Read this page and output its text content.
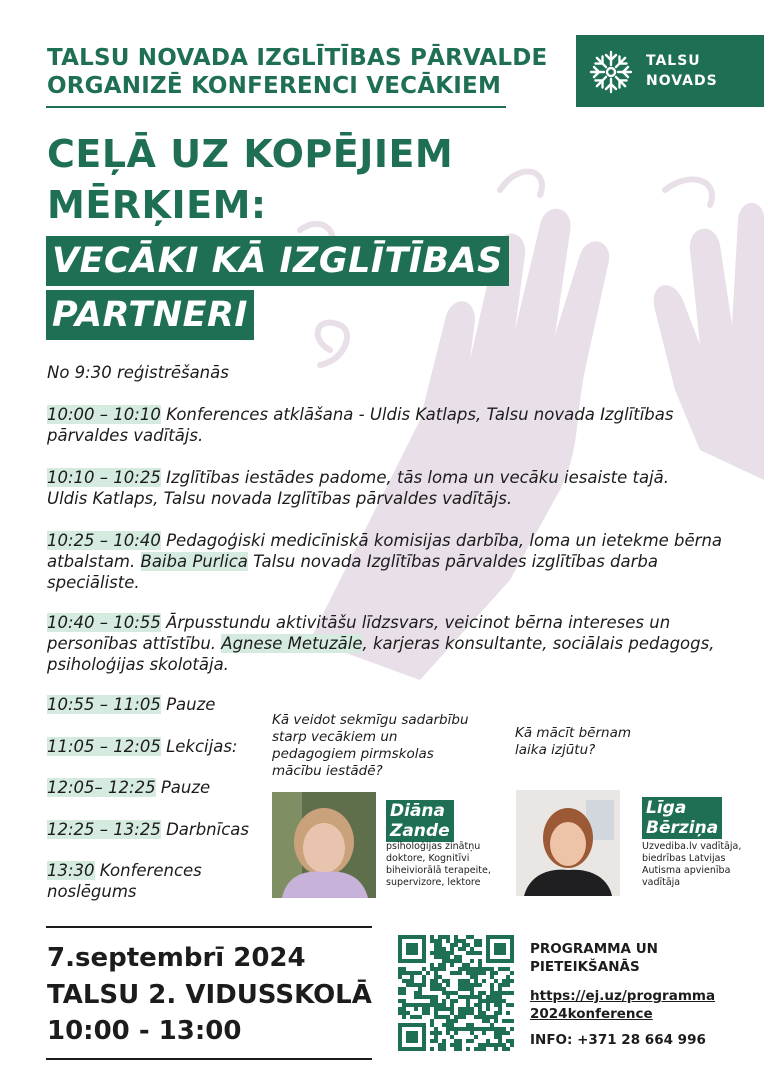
TALSU NOVADA IZGLĪTĪBAS PĀRVALDE
ORGANIZĒ KONFERENCI VECĀKIEM
TALSU
NOVADS
CEĻĀ UZ KOPĒJIEM
MĒRĶIEM:
VECĀKI KĀ IZGLĪTĪBAS
PARTNERI
No 9:30 reģistrēšanās
10:00 – 10:10 Konferences atklāšana - Uldis Katlaps, Talsu novada Izglītības pārvaldes vadītājs.
10:10 – 10:25 Izglītības iestādes padome, tās loma un vecāku iesaiste tajā.
Uldis Katlaps, Talsu novada Izglītības pārvaldes vadītājs.
10:25 – 10:40 Pedagoģiski medicīniskā komisijas darbība, loma un ietekme bērna atbalstam. Baiba Purlica Talsu novada Izglītības pārvaldes izglītības darba speciāliste.
10:40 – 10:55 Ārpusstundu aktivitāšu līdzsvars, veicinot bērna intereses un personības attīstību. Agnese Metuzāle, karjeras konsultante, sociālais pedagogs, psiholoģijas skolotāja.
10:55 – 11:05 Pauze
11:05 – 12:05 Lekcijas:
12:05– 12:25 Pauze
12:25 – 13:25 Darbnīcas
13:30 Konferences
noslēgums
Kā veidot sekmīgu sadarbību starp vecākiem un pedagogiem pirmskolas mācību iestādē?
Diāna
Zande
psiholoģijas zinātņu doktore, Kognitīvi biheiviorālā terapeite, supervizore, lektore
Kā mācīt bērnam laika izjūtu?
Līga
Bērziņa
Uzvediba.lv vadītāja, biedrības Latvijas Autisma apvienība vadītāja
7.septembrī 2024
TALSU 2. VIDUSSKOLĀ
10:00 - 13:00
PROGRAMMA UN
PIETEIKŠANĀS
https://ej.uz/programma
2024konference
INFO: +371 28 664 996
